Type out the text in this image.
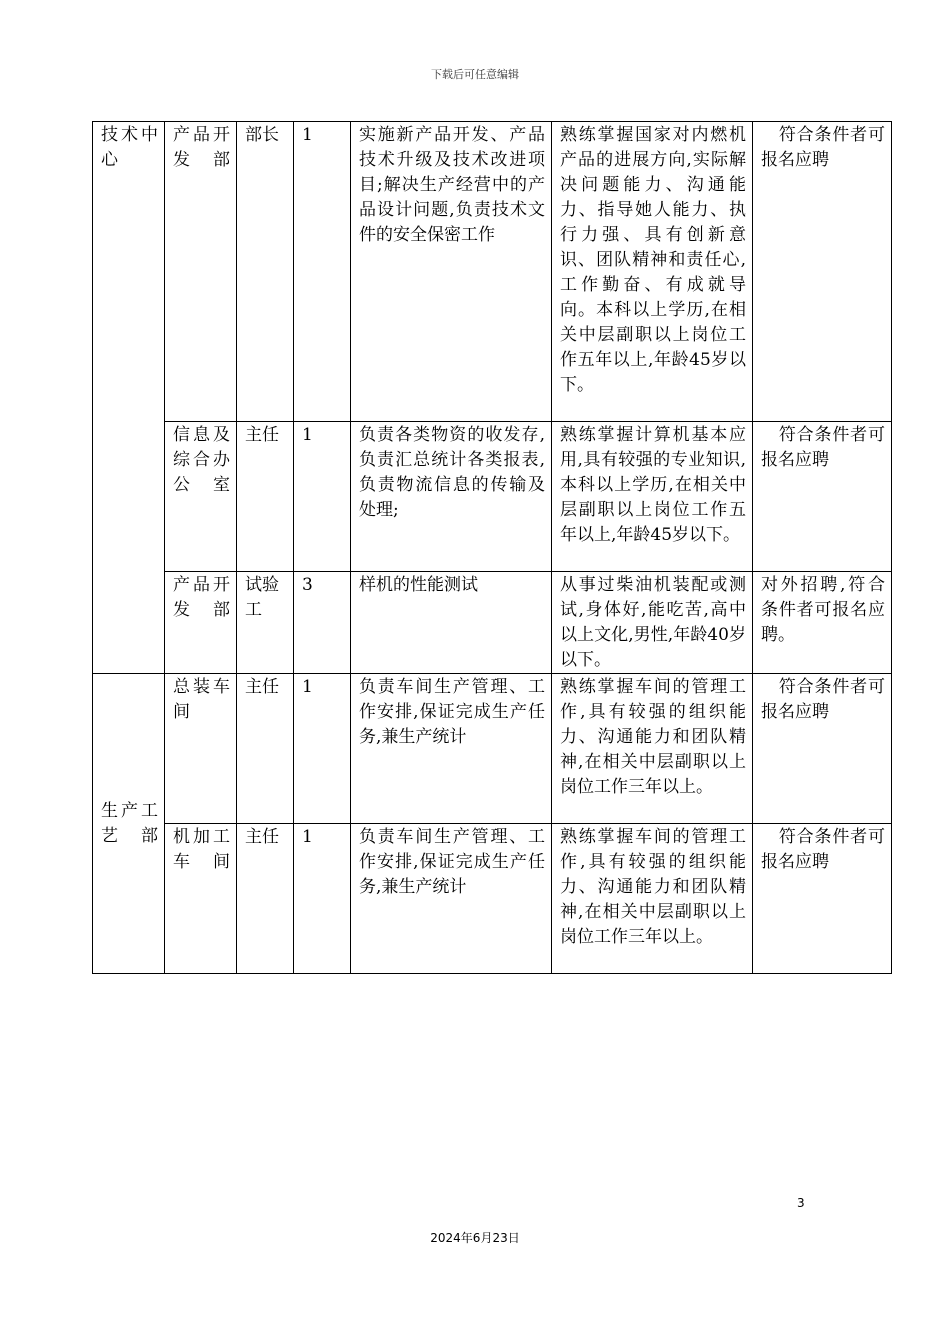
下载后可任意编辑
技术中心	产品开发部	部长	1	实施新产品开发、产品技术升级及技术改进项目;解决生产经营中的产品设计问题,负责技术文件的安全保密工作	熟练掌握国家对内燃机产品的进展方向,实际解决问题能力、沟通能力、指导她人能力、执行力强、具有创新意识、团队精神和责任心,工作勤奋、有成就导向。本科以上学历,在相关中层副职以上岗位工作五年以上,年龄45岁以下。	　符合条件者可报名应聘
	信息及综合办公室	主任	1	负责各类物资的收发存,负责汇总统计各类报表,负责物流信息的传输及处理;	熟练掌握计算机基本应用,具有较强的专业知识,本科以上学历,在相关中层副职以上岗位工作五年以上,年龄45岁以下。	　符合条件者可报名应聘
	产品开发部	试验工	3	样机的性能测试	从事过柴油机装配或测试,身体好,能吃苦,高中以上文化,男性,年龄40岁以下。	对外招聘,符合条件者可报名应聘。
生产工艺部	总装车间	主任	1	负责车间生产管理、工作安排,保证完成生产任务,兼生产统计	熟练掌握车间的管理工作,具有较强的组织能力、沟通能力和团队精神,在相关中层副职以上岗位工作三年以上。	　符合条件者可报名应聘
	机加工车间	主任	1	负责车间生产管理、工作安排,保证完成生产任务,兼生产统计	熟练掌握车间的管理工作,具有较强的组织能力、沟通能力和团队精神,在相关中层副职以上岗位工作三年以上。	　符合条件者可报名应聘
3
2024年6月23日
